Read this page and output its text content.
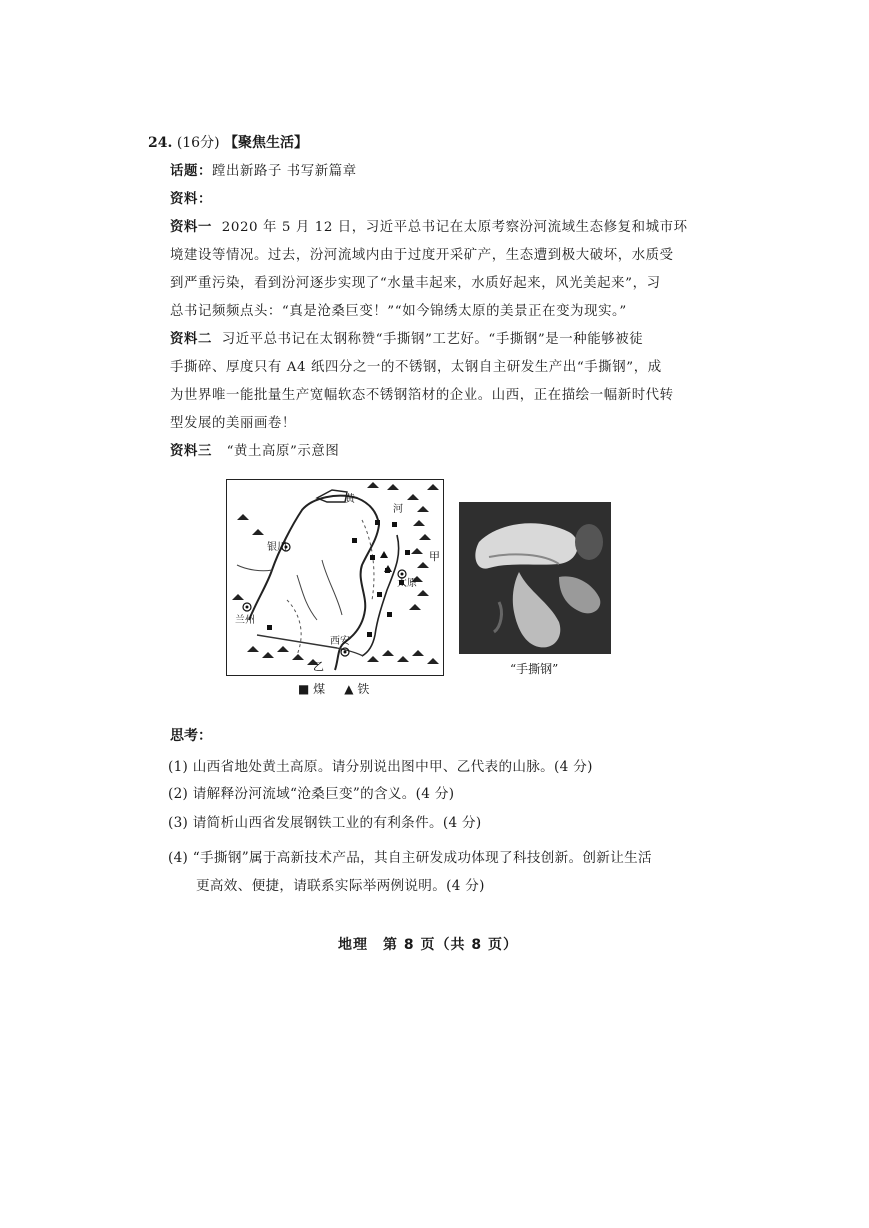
24. (16分) 【聚焦生活】
话题：蹚出新路子 书写新篇章
资料：
资料一 2020 年 5 月 12 日，习近平总书记在太原考察汾河流域生态修复和城市环
境建设等情况。过去，汾河流域内由于过度开采矿产，生态遭到极大破坏，水质受
到严重污染，看到汾河逐步实现了“水量丰起来，水质好起来，风光美起来”，习
总书记频频点头：“真是沧桑巨变！”“如今锦绣太原的美景正在变为现实。”
资料二 习近平总书记在太钢称赞“手撕钢”工艺好。“手撕钢”是一种能够被徒
手撕碎、厚度只有 A4 纸四分之一的不锈钢，太钢自主研发生产出“手撕钢”，成
为世界唯一能批量生产宽幅软态不锈钢箔材的企业。山西，正在描绘一幅新时代转
型发展的美丽画卷！
资料三 “黄土高原”示意图
黄
河
银川
太原
兰州
西安
甲
乙
■ 煤 ▲ 铁
“手撕钢”
思考：
(1) 山西省地处黄土高原。请分别说出图中甲、乙代表的山脉。(4 分)
(2) 请解释汾河流域“沧桑巨变”的含义。(4 分)
(3) 请简析山西省发展钢铁工业的有利条件。(4 分)
(4) “手撕钢”属于高新技术产品，其自主研发成功体现了科技创新。创新让生活
更高效、便捷，请联系实际举两例说明。(4 分)
地理　第 8 页（共 8 页）
